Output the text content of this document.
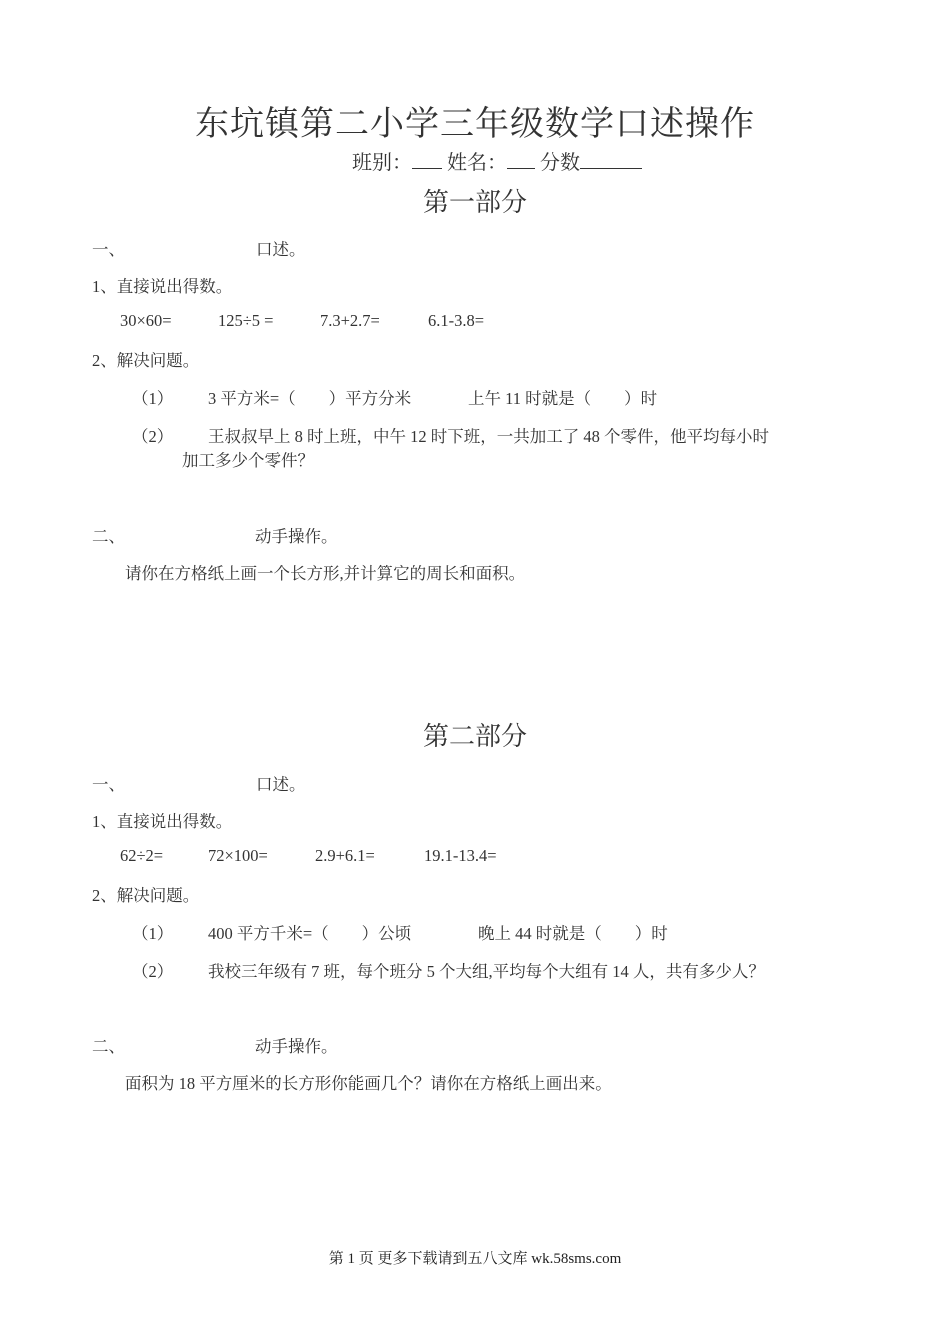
东坑镇第二小学三年级数学口述操作
班别： 姓名： 分数
第一部分
一、	口述。
1、直接说出得数。
30×60=	125÷5 =	7.3+2.7=	6.1-3.8=
2、解决问题。
（1） 3 平方米=（　　）平方分米	上午 11 时就是（　　）时
（2） 王叔叔早上 8 时上班，中午 12 时下班，一共加工了 48 个零件，他平均每小时
加工多少个零件？
二、	动手操作。
请你在方格纸上画一个长方形,并计算它的周长和面积。
第二部分
一、	口述。
1、直接说出得数。
62÷2=	72×100=	2.9+6.1=	19.1-13.4=
2、解决问题。
（1） 400 平方千米=（　　）公顷	晚上 44 时就是（　　）时
（2） 我校三年级有 7 班，每个班分 5 个大组,平均每个大组有 14 人，共有多少人？
二、	动手操作。
面积为 18 平方厘米的长方形你能画几个？请你在方格纸上画出来。
第 1 页 更多下载请到五八文库 wk.58sms.com
